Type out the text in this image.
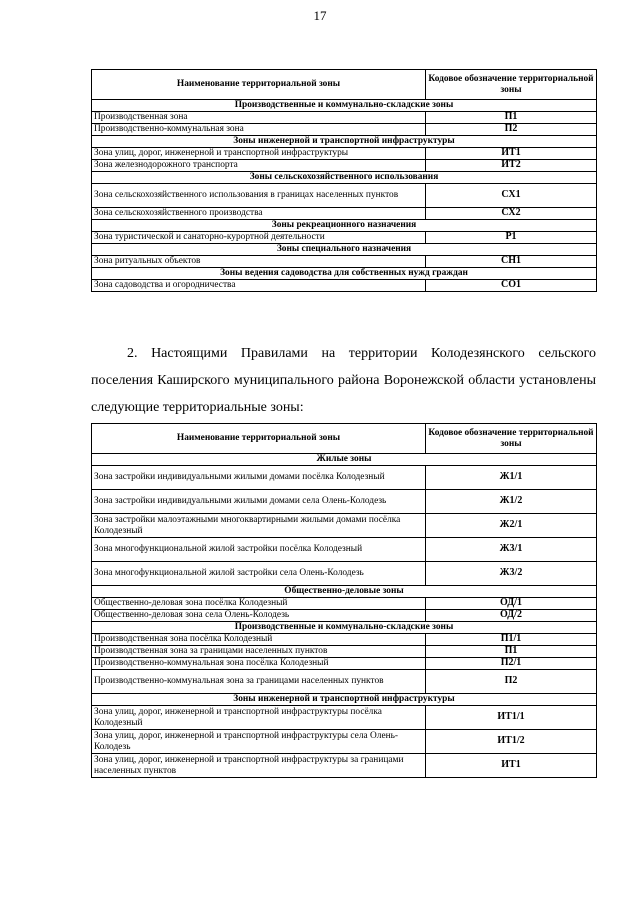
17
Наименование территориальной зоны	Кодовое обозначение территориальной зоны
Производственные и коммунально-складские зоны	
Производственная зона	П1
Производственно-коммунальная зона	П2
Зоны инженерной и транспортной инфраструктуры	
Зона улиц, дорог, инженерной и транспортной инфраструктуры	ИТ1
Зона железнодорожного транспорта	ИТ2
Зоны сельскохозяйственного использования	
Зона сельскохозяйственного использования в границах населенных пунктов	СХ1
Зона сельскохозяйственного производства	СХ2
Зоны рекреационного назначения	
Зона туристической и санаторно-курортной деятельности	Р1
Зоны специального назначения	
Зона ритуальных объектов	СН1
Зоны ведения садоводства для собственных нужд граждан	
Зона садоводства и огородничества	СО1
2. Настоящими Правилами на территории Колодезянского сельского поселения Каширского муниципального района Воронежской области установлены следующие территориальные зоны:
Наименование территориальной зоны	Кодовое обозначение территориальной зоны
Жилые зоны	
Зона застройки индивидуальными жилыми домами посёлка Колодезный	Ж1/1
Зона застройки индивидуальными жилыми домами села Олень-Колодезь	Ж1/2
Зона застройки малоэтажными многоквартирными жилыми домами посёлка Колодезный	Ж2/1
Зона многофункциональной жилой застройки посёлка Колодезный	Ж3/1
Зона многофункциональной жилой застройки села Олень-Колодезь	Ж3/2
Общественно-деловые зоны	
Общественно-деловая зона посёлка Колодезный	ОД/1
Общественно-деловая зона села Олень-Колодезь	ОД/2
Производственные и коммунально-складские зоны	
Производственная зона посёлка Колодезный	П1/1
Производственная зона за границами населенных пунктов	П1
Производственно-коммунальная зона посёлка Колодезный	П2/1
Производственно-коммунальная зона за границами населенных пунктов	П2
Зоны инженерной и транспортной инфраструктуры	
Зона улиц, дорог, инженерной и транспортной инфраструктуры посёлка Колодезный	ИТ1/1
Зона улиц, дорог, инженерной и транспортной инфраструктуры села Олень-Колодезь	ИТ1/2
Зона улиц, дорог, инженерной и транспортной инфраструктуры за границами населенных пунктов	ИТ1
